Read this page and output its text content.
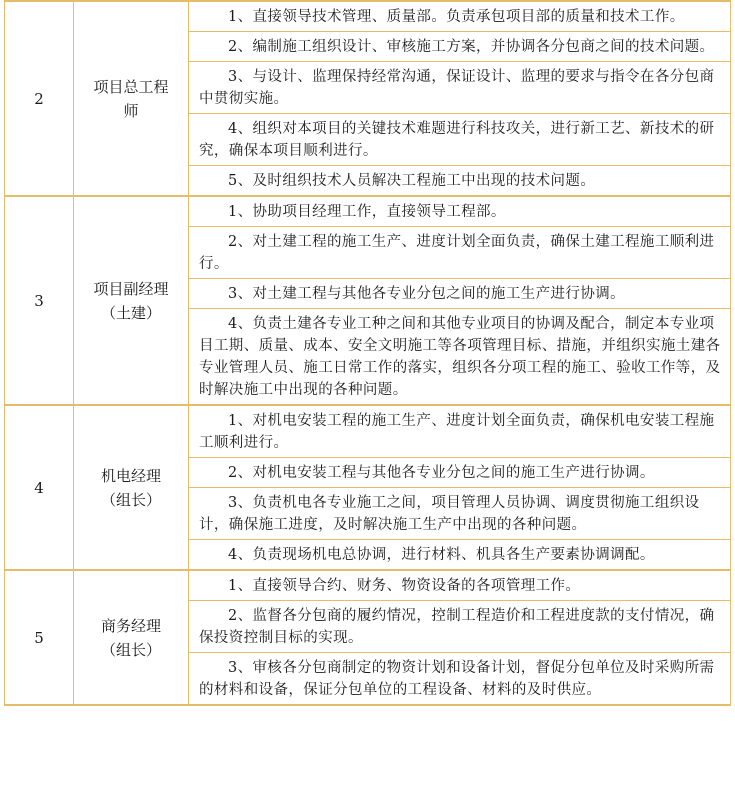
2
项目总工程
师
1、直接领导技术管理、质量部。负责承包项目部的质量和技术工作。
2、编制施工组织设计、审核施工方案，并协调各分包商之间的技术问题。
3、与设计、监理保持经常沟通，保证设计、监理的要求与指令在各分包商中贯彻实施。
4、组织对本项目的关键技术难题进行科技攻关，进行新工艺、新技术的研究，确保本项目顺利进行。
5、及时组织技术人员解决工程施工中出现的技术问题。
3
项目副经理
（土建）
1、协助项目经理工作，直接领导工程部。
2、对土建工程的施工生产、进度计划全面负责，确保土建工程施工顺利进行。
3、对土建工程与其他各专业分包之间的施工生产进行协调。
4、负责土建各专业工种之间和其他专业项目的协调及配合，制定本专业项目工期、质量、成本、安全文明施工等各项管理目标、措施，并组织实施土建各专业管理人员、施工日常工作的落实，组织各分项工程的施工、验收工作等，及时解决施工中出现的各种问题。
4
机电经理
（组长）
1、对机电安装工程的施工生产、进度计划全面负责，确保机电安装工程施工顺利进行。
2、对机电安装工程与其他各专业分包之间的施工生产进行协调。
3、负责机电各专业施工之间，项目管理人员协调、调度贯彻施工组织设计，确保施工进度，及时解决施工生产中出现的各种问题。
4、负责现场机电总协调，进行材料、机具各生产要素协调调配。
5
商务经理
（组长）
1、直接领导合约、财务、物资设备的各项管理工作。
2、监督各分包商的履约情况，控制工程造价和工程进度款的支付情况，确保投资控制目标的实现。
3、审核各分包商制定的物资计划和设备计划，督促分包单位及时采购所需的材料和设备，保证分包单位的工程设备、材料的及时供应。
